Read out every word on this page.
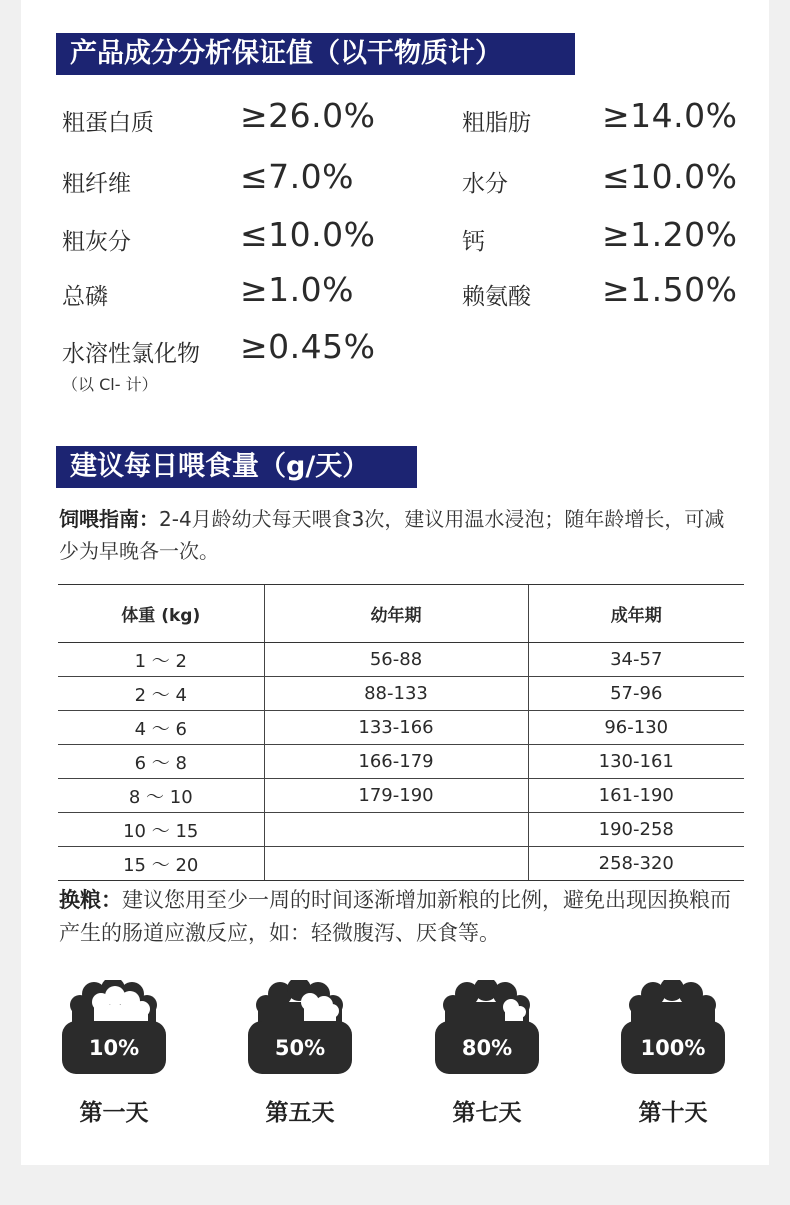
产品成分分析保证值（以干物质计）
粗蛋白质	≥26.0%	粗脂肪 ≥14.0%
粗纤维	≤7.0%	水分	≤10.0%
粗灰分	≤10.0%	钙	≥1.20%
总磷	≥1.0%	赖氨酸 ≥1.50%
水溶性氯化物 ≥0.45%
（以 Cl- 计）
建议每日喂食量（g/天）
饲喂指南：2-4月龄幼犬每天喂食3次，建议用温水浸泡；随年龄增长，可减少为早晚各一次。
体重 (kg)	幼年期	成年期
1 ～ 2	56-88	34-57
2 ～ 4	88-133	57-96
4 ～ 6	133-166	96-130
6 ～ 8	166-179	130-161
8 ～ 10	179-190	161-190
10 ～ 15		190-258
15 ～ 20		258-320
换粮：建议您用至少一周的时间逐渐增加新粮的比例，避免出现因换粮而产生的肠道应激反应，如：轻微腹泻、厌食等。
10%
第一天
50%
第五天
80%
第七天
100%
第十天
